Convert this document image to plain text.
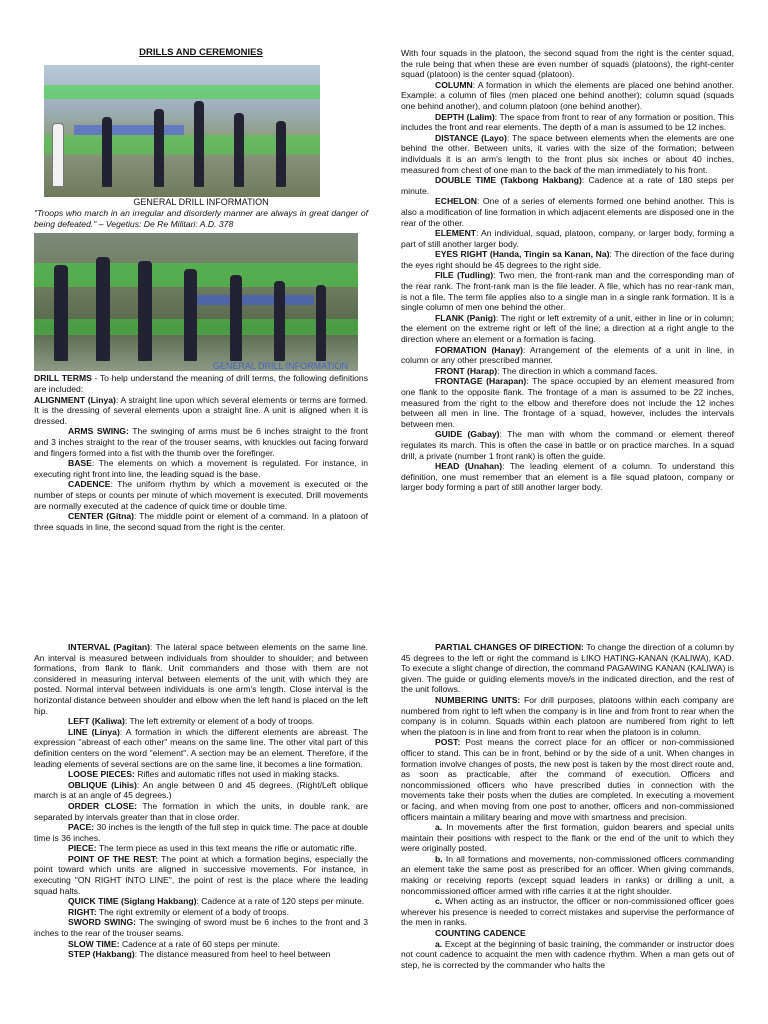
DRILLS AND CEREMONIES
GENERAL DRILL INFORMATION
"Troops who march in an irregular and disorderly manner are always in great danger of being defeated." – Vegetius: De Re Militari: A.D. 378
GENERAL DRILL INFORMATION

DRILL TERMS - To help understand the meaning of drill terms, the following definitions are included:

ALIGNMENT (Linya): A straight line upon which several elements or terms are formed. It is the dressing of several elements upon a straight line. A unit is aligned when it is dressed.

ARMS SWING: The swinging of arms must be 6 inches straight to the front and 3 inches straight to the rear of the trouser seams, with knuckles out facing forward and fingers formed into a fist with the thumb over the forefinger.

BASE: The elements on which a movement is regulated. For instance, in executing right front into line, the leading squad is the base.

CADENCE: The uniform rhythm by which a movement is executed or the number of steps or counts per minute of which movement is executed. Drill movements are normally executed at the cadence of quick time or double time.

CENTER (Gitna): The middle point or element of a command. In a platoon of three squads in line, the second squad from the right is the center.

With four squads in the platoon, the second squad from the right is the center squad, the rule being that when these are even number of squads (platoons), the right-center squad (platoon) is the center squad (platoon).

COLUMN: A formation in which the elements are placed one behind another. Example: a column of files (men placed one behind another); column squad (squads one behind another), and column platoon (one behind another).

DEPTH (Lalim): The space from front to rear of any formation or position. This includes the front and rear elements. The depth of a man is assumed to be 12 inches.

DISTANCE (Layo): The space between elements when the elements are one behind the other. Between units, it varies with the size of the formation; between individuals it is an arm's length to the front plus six inches or about 40 inches, measured from chest of one man to the back of the man immediately to his front.

DOUBLE TIME (Takbong Hakbang): Cadence at a rate of 180 steps per minute.

ECHELON: One of a series of elements formed one behind another. This is also a modification of line formation in which adjacent elements are disposed one in the rear of the other.

ELEMENT: An individual, squad, platoon, company, or larger body, forming a part of still another larger body.

EYES RIGHT (Handa, Tingin sa Kanan, Na): The direction of the face during the eyes right should be 45 degrees to the right side.

FILE (Tudling): Two men, the front-rank man and the corresponding man of the rear rank. The front-rank man is the file leader. A file, which has no rear-rank man, is not a file. The term file applies also to a single man in a single rank formation. It is a single column of men one behind the other.

FLANK (Panig): The right or left extremity of a unit, either in line or in column; the element on the extreme right or left of the line; a direction at a right angle to the direction where an element or a formation is facing.

FORMATION (Hanay): Arrangement of the elements of a unit in line, in column or any other prescribed manner.

FRONT (Harap): The direction in which a command faces.

FRONTAGE (Harapan): The space occupied by an element measured from one flank to the opposite flank. The frontage of a man is assumed to be 22 inches, measured from the right to the elbow and therefore does not include the 12 inches between all men in line. The frontage of a squad, however, includes the intervals between men.

GUIDE (Gabay): The man with whom the command or element thereof regulates its march. This is often the case in battle or on practice marches. In a squad drill, a private (number 1 front rank) is often the guide.

HEAD (Unahan): The leading element of a column. To understand this definition, one must remember that an element is a file squad platoon, company or larger body forming a part of still another larger body.

INTERVAL (Pagitan): The lateral space between elements on the same line. An interval is measured between individuals from shoulder to shoulder; and between formations, from flank to flank. Unit commanders and those with them are not considered in measuring interval between elements of the unit with which they are posted. Normal interval between individuals is one arm's length. Close interval is the horizontal distance between shoulder and elbow when the left hand is placed on the left hip.

LEFT (Kaliwa): The left extremity or element of a body of troops.

LINE (Linya): A formation in which the different elements are abreast. The expression "abreast of each other" means on the same line. The other vital part of this definition centers on the word "element". A section may be an element. Therefore, if the leading elements of several sections are on the same line, it becomes a line formation.

LOOSE PIECES: Rifles and automatic rifles not used in making stacks.

OBLIQUE (Lihis): An angle between 0 and 45 degrees. (Right/Left oblique march is at an angle of 45 degrees.)

ORDER CLOSE: The formation in which the units, in double rank, are separated by intervals greater than that in close order.

PACE: 30 inches is the length of the full step in quick time. The pace at double time is 36 inches.

PIECE: The term piece as used in this text means the rifle or automatic rifle.

POINT OF THE REST: The point at which a formation begins, especially the point toward which units are aligned in successive movements. For instance, in executing "ON RIGHT INTO LINE", the point of rest is the place where the leading squad halts.

QUICK TIME (Siglang Hakbang): Cadence at a rate of 120 steps per minute.

RIGHT: The right extremity or element of a body of troops.

SWORD SWING: The swinging of sword must be 6 inches to the front and 3 inches to the rear of the trouser seams.

SLOW TIME: Cadence at a rate of 60 steps per minute.

STEP (Hakbang): The distance measured from heel to heel between

PARTIAL CHANGES OF DIRECTION: To change the direction of a column by 45 degrees to the left or right the command is LIKO HATING-KANAN (KALIWA), KAD. To execute a slight change of direction, the command PAGAWING KANAN (KALIWA) is given. The guide or guiding elements move/s in the indicated direction, and the rest of the unit follows.

NUMBERING UNITS: For drill purposes, platoons within each company are numbered from right to left when the company is in line and from front to rear when the company is in column. Squads within each platoon are numbered from right to left when the platoon is in line and from front to rear when the platoon is in column.

POST: Post means the correct place for an officer or non-commissioned officer to stand. This can be in front, behind or by the side of a unit. When changes in formation involve changes of posts, the new post is taken by the most direct route and, as soon as practicable, after the command of execution. Officers and noncommissioned officers who have prescribed duties in connection with the movements take their posts when the duties are completed. In executing a movement or facing, and when moving from one post to another, officers and non-commissioned officers maintain a military bearing and move with smartness and precision.

a. In movements after the first formation, guidon bearers and special units maintain their positions with respect to the flank or the end of the unit to which they were originally posted.

b. In all formations and movements, non-commissioned officers commanding an element take the same post as prescribed for an officer. When giving commands, making or receiving reports (except squad leaders in ranks) or drilling a unit, a noncommissioned officer armed with rifle carries it at the right shoulder.

c. When acting as an instructor, the officer or non-commissioned officer goes wherever his presence is needed to correct mistakes and supervise the performance of the men in ranks.

COUNTING CADENCE

a. Except at the beginning of basic training, the commander or instructor does not count cadence to acquaint the men with cadence rhythm. When a man gets out of step, he is corrected by the commander who halts the
